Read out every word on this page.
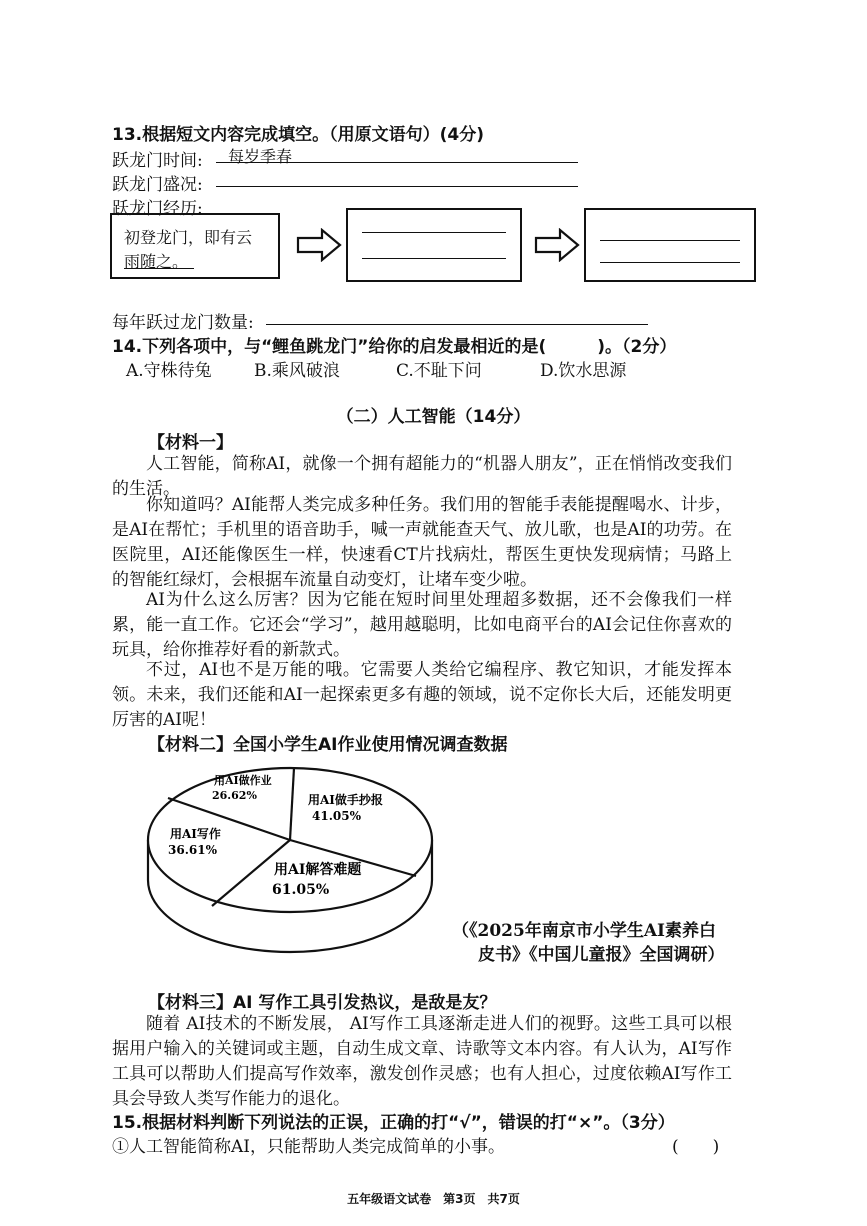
13.根据短文内容完成填空。（用原文语句）(4分)
跃龙门时间: 每岁季春
跃龙门盛况:
跃龙门经历:
初登龙门，即有云
雨随之。
每年跃过龙门数量:
14.下列各项中，与“鲤鱼跳龙门”给你的启发最相近的是(　　　)。（2分）
A.守株待兔 B.乘风破浪	C.不耻下问	D.饮水思源
（二）人工智能（14分）
【材料一】
人工智能，简称AI，就像一个拥有超能力的“机器人朋友”，正在悄悄改变我们的生活。
你知道吗？AI能帮人类完成多种任务。我们用的智能手表能提醒喝水、计步，是AI在帮忙；手机里的语音助手，喊一声就能查天气、放儿歌，也是AI的功劳。在医院里，AI还能像医生一样，快速看CT片找病灶，帮医生更快发现病情；马路上的智能红绿灯，会根据车流量自动变灯，让堵车变少啦。
AI为什么这么厉害？因为它能在短时间里处理超多数据，还不会像我们一样累，能一直工作。它还会“学习”，越用越聪明，比如电商平台的AI会记住你喜欢的玩具，给你推荐好看的新款式。
不过，AI也不是万能的哦。它需要人类给它编程序、教它知识，才能发挥本领。未来，我们还能和AI一起探索更多有趣的领域，说不定你长大后，还能发明更厉害的AI呢！
【材料二】全国小学生AI作业使用情况调查数据
用AI做作业
26.62%	用AI做手抄报
41.05%
用AI解答难题
61.05%
用AI写作
36.61%
（《2025年南京市小学生AI素养白
皮书》《中国儿童报》全国调研）
【材料三】AI 写作工具引发热议，是敌是友？
随着 AI技术的不断发展， AI写作工具逐渐走进人们的视野。这些工具可以根据用户输入的关键词或主题，自动生成文章、诗歌等文本内容。有人认为，AI写作工具可以帮助人们提高写作效率，激发创作灵感；也有人担心，过度依赖AI写作工具会导致人类写作能力的退化。
15.根据材料判断下列说法的正误，正确的打“√”，错误的打“×”。（3分）
①人工智能简称AI，只能帮助人类完成简单的小事。	(　　)
五年级语文试卷　第3页　共7页
